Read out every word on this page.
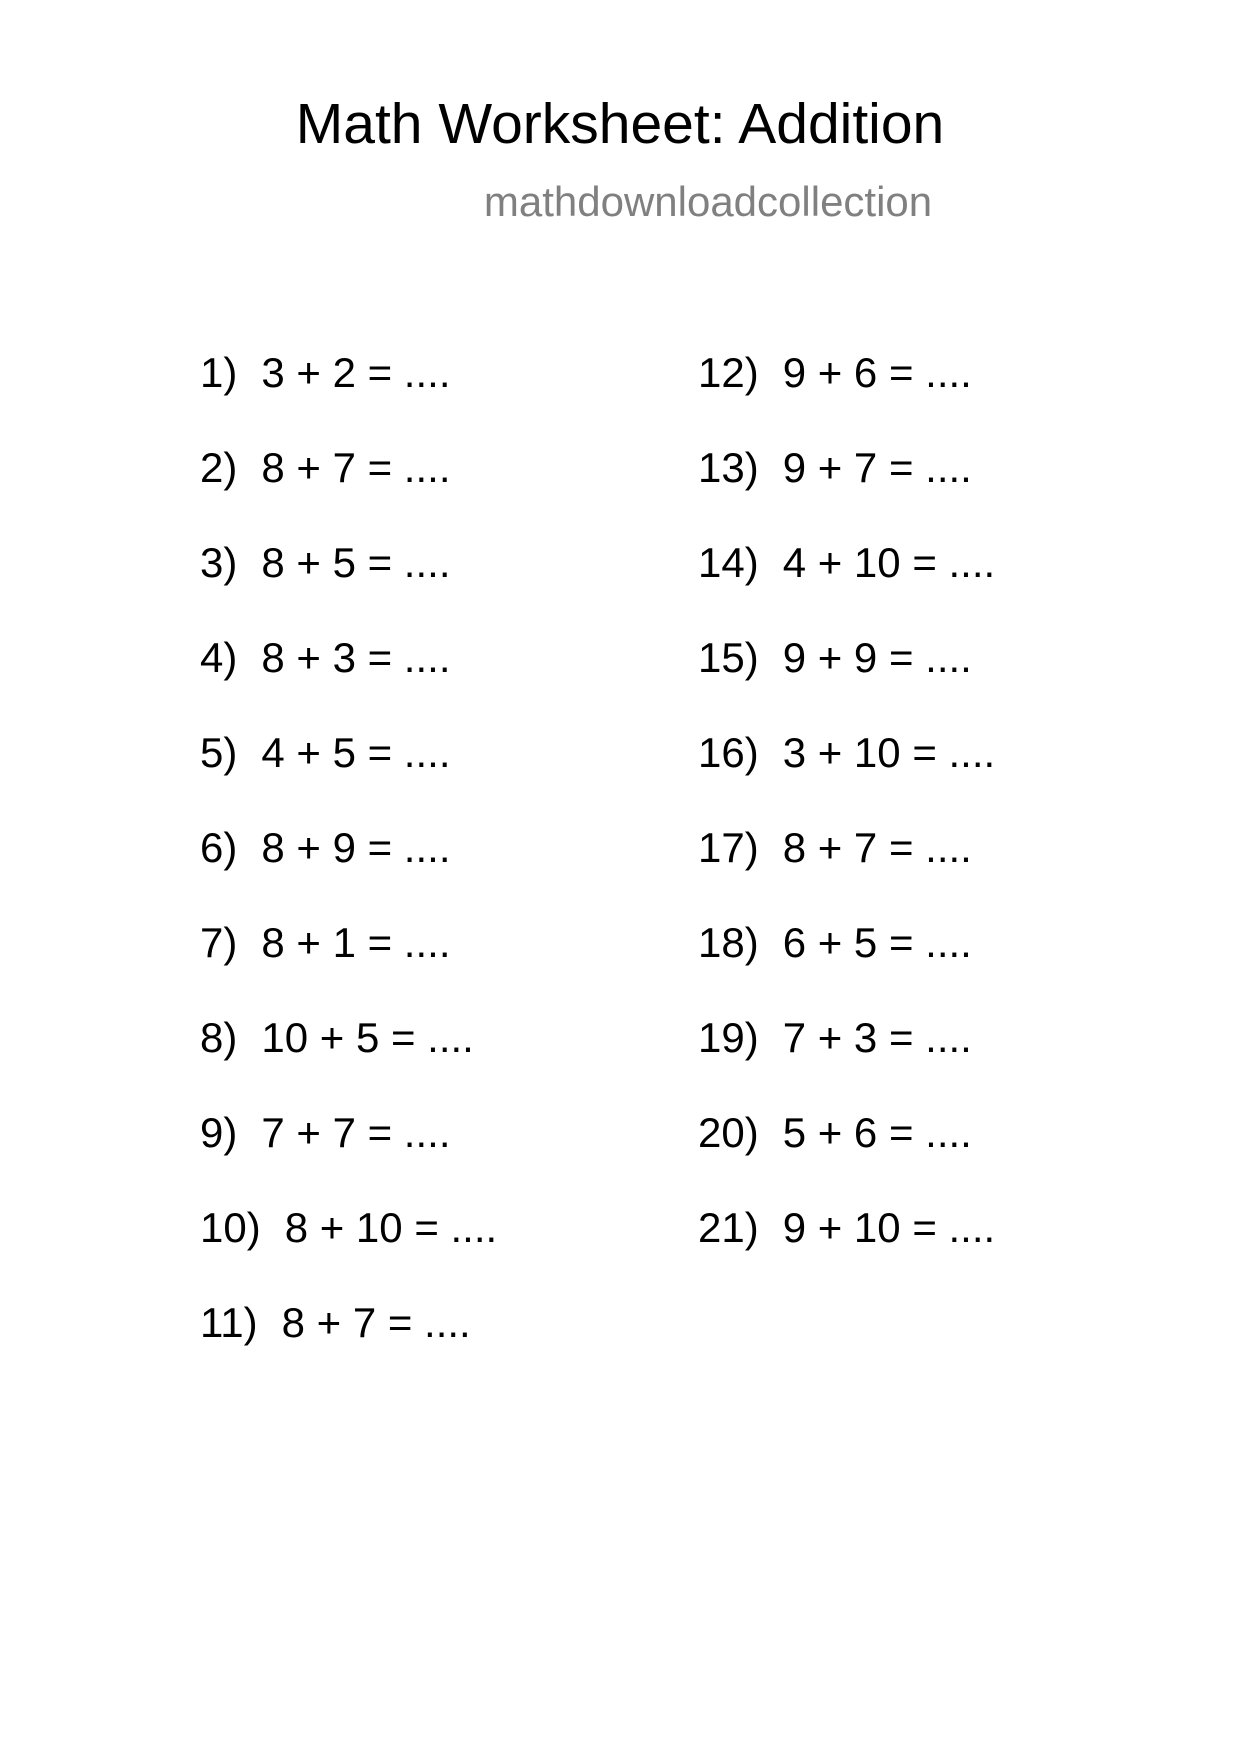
Math Worksheet: Addition
mathdownloadcollection
1) 3 + 2 = ....
2) 8 + 7 = ....
3) 8 + 5 = ....
4) 8 + 3 = ....
5) 4 + 5 = ....
6) 8 + 9 = ....
7) 8 + 1 = ....
8) 10 + 5 = ....
9) 7 + 7 = ....
10) 8 + 10 = ....
11) 8 + 7 = ....
12) 9 + 6 = ....
13) 9 + 7 = ....
14) 4 + 10 = ....
15) 9 + 9 = ....
16) 3 + 10 = ....
17) 8 + 7 = ....
18) 6 + 5 = ....
19) 7 + 3 = ....
20) 5 + 6 = ....
21) 9 + 10 = ....
